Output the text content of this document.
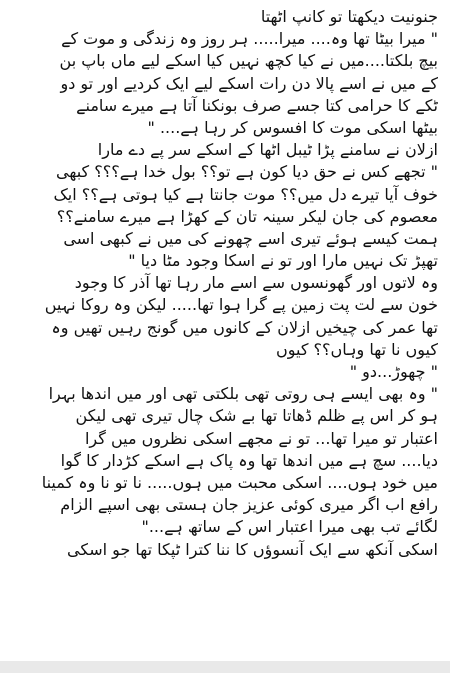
جنونیت دیکھتا تو کانپ اٹھتا
" میرا بیٹا تھا وہ.... میرا..... ہر روز وہ زندگی و موت کے
بیچ بلکتا....میں نے کیا کچھ نہیں کیا اسکے لیے ماں باپ بن
کے میں نے اسے پالا دن رات اسکے لیے ایک کردیے اور تو دو
ٹکے کا حرامی کتا جسے صرف بونکنا آتا ہے میرے سامنے
بیٹھا اسکی موت کا افسوس کر رہا ہے.... "
ازلان نے سامنے پڑا ٹیبل اٹھا کے اسکے سر پے دے مارا
" تجھے کس نے حق دیا کون ہے تو؟؟ بول خدا ہے؟؟؟ کبھی
خوف آیا تیرے دل میں؟؟ موت جانتا ہے کیا ہوتی ہے؟؟ ایک
معصوم کی جان لیکر سینہ تان کے کھڑا ہے میرے سامنے؟؟
ہمت کیسے ہوئے تیری اسے چھونے کی میں نے کبھی اسی
تھپڑ تک نہیں مارا اور تو نے اسکا وجود مٹا دیا "
وہ لاتوں اور گھونسوں سے اسے مار رہا تھا آذر کا وجود
خون سے لت پت زمین پے گرا ہوا تھا..... لیکن وہ روکا نہیں
تھا عمر کی چیخیں ازلان کے کانوں میں گونج رہیں تھیں وہ
کیوں نا تھا وہاں؟؟ کیوں
" چھوڑ...دو "
" وہ بھی ایسے ہی روتی تھی بلکتی تھی اور میں اندھا بہرا
ہو کر اس پے ظلم ڈھاتا تھا بے شک چال تیری تھی لیکن
اعتبار تو میرا تھا... تو نے مجھے اسکی نظروں میں گرا
دیا.... سچ ہے میں اندھا تھا وہ پاک ہے اسکے کڑدار کا گوا
میں خود ہوں.... اسکی محبت میں ہوں..... نا تو نا وہ کمینا
رافع اب اگر میری کوئی عزیز جان ہستی بھی اسپے الزام
لگائے تب بھی میرا اعتبار اس کے ساتھ ہے..."
اسکی آنکھ سے ایک آنسوؤں کا ننا کترا ٹپکا تھا جو اسکی
